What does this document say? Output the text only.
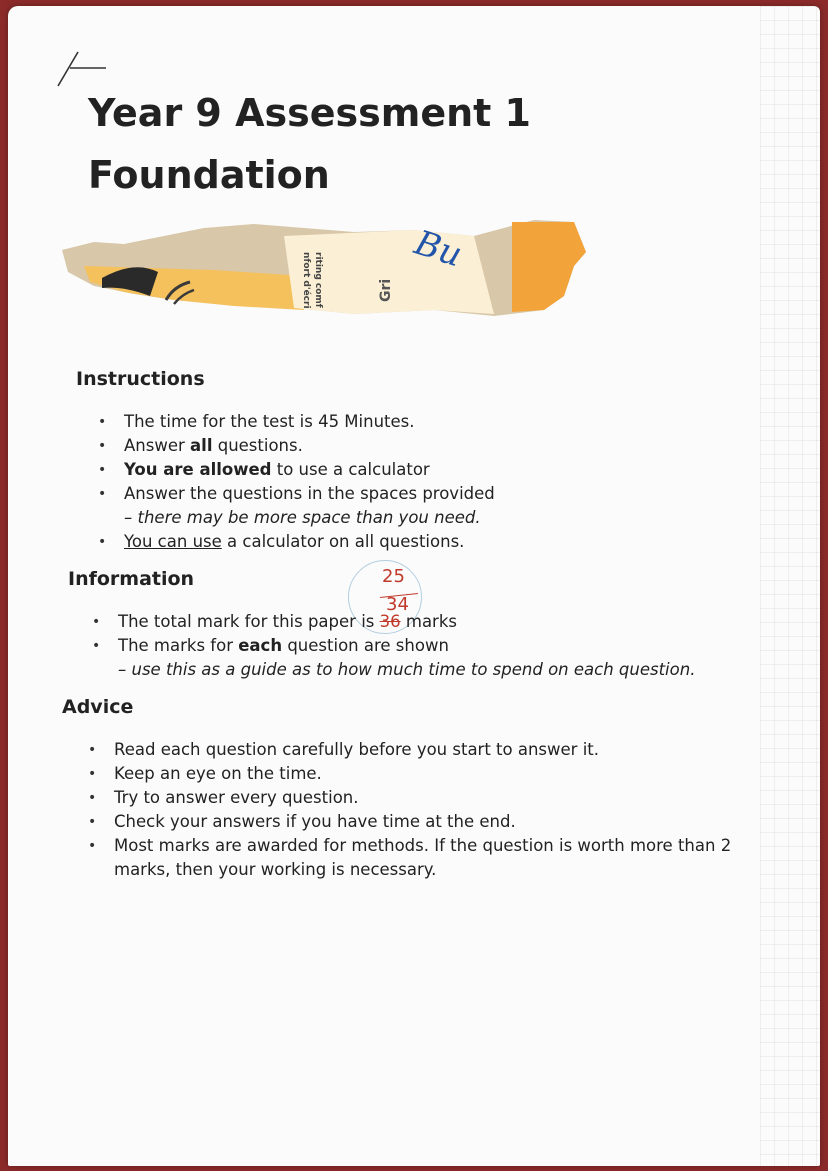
Year 9 Assessment 1
Foundation
Bu
Gri
riting comf
nfort d'écri
Instructions
• The time for the test is 45 Minutes.
• Answer all questions.
• You are allowed to use a calculator
• Answer the questions in the spaces provided
– there may be more space than you need.
• You can use a calculator on all questions.
Information	25
34
• The total mark for this paper is 36 marks
• The marks for each question are shown
– use this as a guide as to how much time to spend on each question.
Advice
• Read each question carefully before you start to answer it.
• Keep an eye on the time.
• Try to answer every question.
• Check your answers if you have time at the end.
• Most marks are awarded for methods. If the question is worth more than 2 marks, then your working is necessary.
